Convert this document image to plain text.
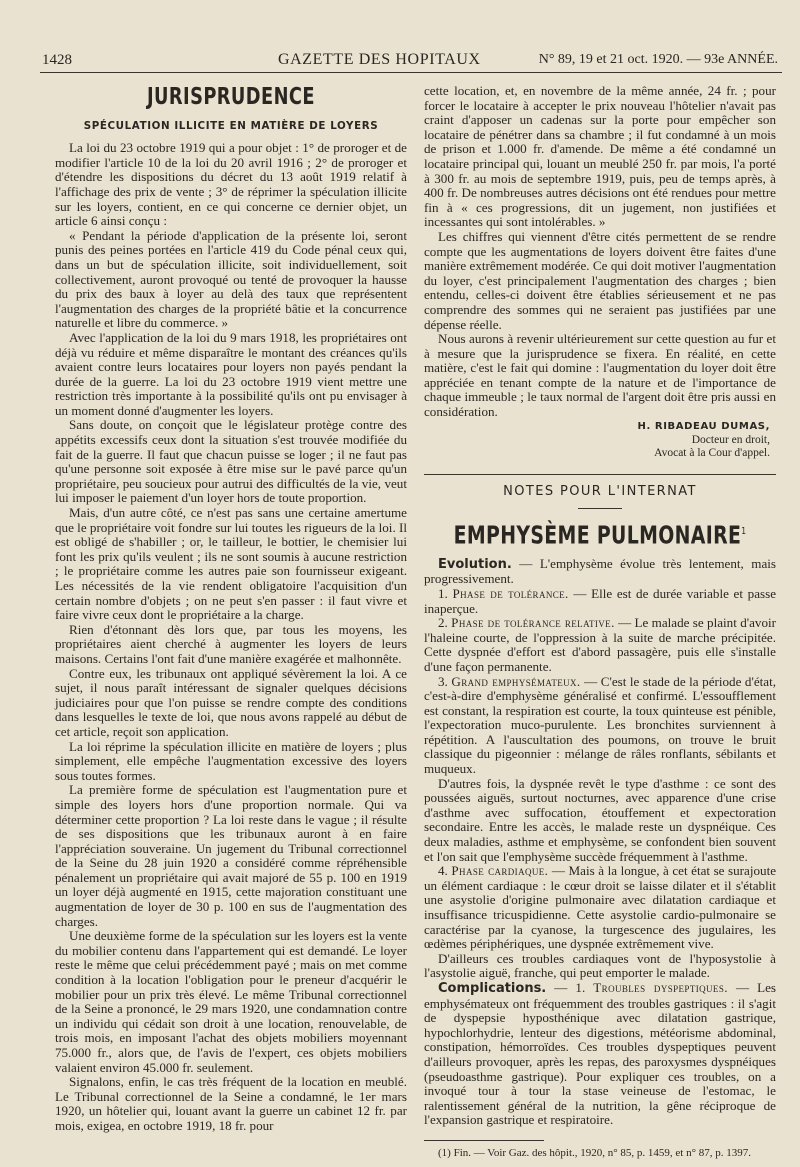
1428	GAZETTE DES HOPITAUX	N° 89, 19 et 21 oct. 1920. — 93e ANNÉE.
JURISPRUDENCE
SPÉCULATION ILLICITE EN MATIÈRE DE LOYERS

La loi du 23 octobre 1919 qui a pour objet : 1° de proroger et de modifier l'article 10 de la loi du 20 avril 1916 ; 2° de proroger et d'étendre les dispositions du décret du 13 août 1919 relatif à l'affichage des prix de vente ; 3° de réprimer la spéculation illicite sur les loyers, contient, en ce qui concerne ce dernier objet, un article 6 ainsi conçu :

« Pendant la période d'application de la présente loi, seront punis des peines portées en l'article 419 du Code pénal ceux qui, dans un but de spéculation illicite, soit individuellement, soit collectivement, auront provoqué ou tenté de provoquer la hausse du prix des baux à loyer au delà des taux que représentent l'augmentation des charges de la propriété bâtie et la concurrence naturelle et libre du commerce. »

Avec l'application de la loi du 9 mars 1918, les propriétaires ont déjà vu réduire et même disparaître le montant des créances qu'ils avaient contre leurs locataires pour loyers non payés pendant la durée de la guerre. La loi du 23 octobre 1919 vient mettre une restriction très importante à la possibilité qu'ils ont pu envisager à un moment donné d'augmenter les loyers.

Sans doute, on conçoit que le législateur protège contre des appétits excessifs ceux dont la situation s'est trouvée modifiée du fait de la guerre. Il faut que chacun puisse se loger ; il ne faut pas qu'une personne soit exposée à être mise sur le pavé parce qu'un propriétaire, peu soucieux pour autrui des difficultés de la vie, veut lui imposer le paiement d'un loyer hors de toute proportion.

Mais, d'un autre côté, ce n'est pas sans une certaine amertume que le propriétaire voit fondre sur lui toutes les rigueurs de la loi. Il est obligé de s'habiller ; or, le tailleur, le bottier, le chemisier lui font les prix qu'ils veulent ; ils ne sont soumis à aucune restriction ; le propriétaire comme les autres paie son fournisseur exigeant. Les nécessités de la vie rendent obligatoire l'acquisition d'un certain nombre d'objets ; on ne peut s'en passer : il faut vivre et faire vivre ceux dont le propriétaire a la charge.

Rien d'étonnant dès lors que, par tous les moyens, les propriétaires aient cherché à augmenter les loyers de leurs maisons. Certains l'ont fait d'une manière exagérée et malhonnête.

Contre eux, les tribunaux ont appliqué sévèrement la loi. A ce sujet, il nous paraît intéressant de signaler quelques décisions judiciaires pour que l'on puisse se rendre compte des conditions dans lesquelles le texte de loi, que nous avons rappelé au début de cet article, reçoit son application.

La loi réprime la spéculation illicite en matière de loyers ; plus simplement, elle empêche l'augmentation excessive des loyers sous toutes formes.

La première forme de spéculation est l'augmentation pure et simple des loyers hors d'une proportion normale. Qui va déterminer cette proportion ? La loi reste dans le vague ; il résulte de ses dispositions que les tribunaux auront à en faire l'appréciation souveraine. Un jugement du Tribunal correctionnel de la Seine du 28 juin 1920 a considéré comme répréhensible pénalement un propriétaire qui avait majoré de 55 p. 100 en 1919 un loyer déjà augmenté en 1915, cette majoration constituant une augmentation de loyer de 30 p. 100 en sus de l'augmentation des charges.

Une deuxième forme de la spéculation sur les loyers est la vente du mobilier contenu dans l'appartement qui est demandé. Le loyer reste le même que celui précédemment payé ; mais on met comme condition à la location l'obligation pour le preneur d'acquérir le mobilier pour un prix très élevé. Le même Tribunal correctionnel de la Seine a prononcé, le 29 mars 1920, une condamnation contre un individu qui cédait son droit à une location, renouvelable, de trois mois, en imposant l'achat des objets mobiliers moyennant 75.000 fr., alors que, de l'avis de l'expert, ces objets mobiliers valaient environ 45.000 fr. seulement.

Signalons, enfin, le cas très fréquent de la location en meublé. Le Tribunal correctionnel de la Seine a condamné, le 1er mars 1920, un hôtelier qui, louant avant la guerre un cabinet 12 fr. par mois, exigea, en octobre 1919, 18 fr. pour

cette location, et, en novembre de la même année, 24 fr. ; pour forcer le locataire à accepter le prix nouveau l'hôtelier n'avait pas craint d'apposer un cadenas sur la porte pour empêcher son locataire de pénétrer dans sa chambre ; il fut condamné à un mois de prison et 1.000 fr. d'amende. De même a été condamné un locataire principal qui, louant un meublé 250 fr. par mois, l'a porté à 300 fr. au mois de septembre 1919, puis, peu de temps après, à 400 fr. De nombreuses autres décisions ont été rendues pour mettre fin à « ces progressions, dit un jugement, non justifiées et incessantes qui sont intolérables. »

Les chiffres qui viennent d'être cités permettent de se rendre compte que les augmentations de loyers doivent être faites d'une manière extrêmement modérée. Ce qui doit motiver l'augmentation du loyer, c'est principalement l'augmentation des charges ; bien entendu, celles-ci doivent être établies sérieusement et ne pas comprendre des sommes qui ne seraient pas justifiées par une dépense réelle.

Nous aurons à revenir ultérieurement sur cette question au fur et à mesure que la jurisprudence se fixera. En réalité, en cette matière, c'est le fait qui domine : l'augmentation du loyer doit être appréciée en tenant compte de la nature et de l'importance de chaque immeuble ; le taux normal de l'argent doit être pris aussi en considération.

H. RIBADEAU DUMAS,

Docteur en droit,

Avocat à la Cour d'appel.

NOTES POUR L'INTERNAT
EMPHYSÈME PULMONAIRE$^1$

Evolution. — L'emphysème évolue très lentement, mais progressivement.

1. Phase de tolérance. — Elle est de durée variable et passe inaperçue.

2. Phase de tolérance relative. — Le malade se plaint d'avoir l'haleine courte, de l'oppression à la suite de marche précipitée. Cette dyspnée d'effort est d'abord passagère, puis elle s'installe d'une façon permanente.

3. Grand emphysémateux. — C'est le stade de la période d'état, c'est-à-dire d'emphysème généralisé et confirmé. L'essoufflement est constant, la respiration est courte, la toux quinteuse est pénible, l'expectoration muco-purulente. Les bronchites surviennent à répétition. A l'auscultation des poumons, on trouve le bruit classique du pigeonnier : mélange de râles ronflants, sébilants et muqueux.

D'autres fois, la dyspnée revêt le type d'asthme : ce sont des poussées aiguës, surtout nocturnes, avec apparence d'une crise d'asthme avec suffocation, étouffement et expectoration secondaire. Entre les accès, le malade reste un dyspnéique. Ces deux maladies, asthme et emphysème, se confondent bien souvent et l'on sait que l'emphysème succède fréquemment à l'asthme.

4. Phase cardiaque. — Mais à la longue, à cet état se surajoute un élément cardiaque : le cœur droit se laisse dilater et il s'établit une asystolie d'origine pulmonaire avec dilatation cardiaque et insuffisance tricuspidienne. Cette asystolie cardio-pulmonaire se caractérise par la cyanose, la turgescence des jugulaires, les œdèmes périphériques, une dyspnée extrêmement vive.

D'ailleurs ces troubles cardiaques vont de l'hyposystolie à l'asystolie aiguë, franche, qui peut emporter le malade.

Complications. — 1. Troubles dyspeptiques. — Les emphysémateux ont fréquemment des troubles gastriques : il s'agit de dyspepsie hyposthénique avec dilatation gastrique, hypochlorhydrie, lenteur des digestions, météorisme abdominal, constipation, hémorroïdes. Ces troubles dyspeptiques peuvent d'ailleurs provoquer, après les repas, des paroxysmes dyspnéiques (pseudoasthme gastrique). Pour expliquer ces troubles, on a invoqué tour à tour la stase veineuse de l'estomac, le ralentissement général de la nutrition, la gêne réciproque de l'expansion gastrique et respiratoire.

(1) Fin. — Voir Gaz. des hôpit., 1920, n° 85, p. 1459, et n° 87, p. 1397.
